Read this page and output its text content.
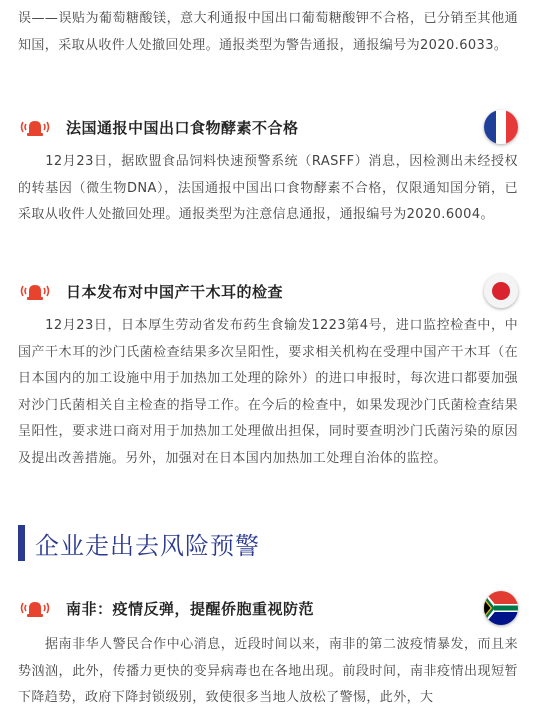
误——误贴为葡萄糖酸镁，意大利通报中国出口葡萄糖酸钾不合格，已分销至其他通知国，采取从收件人处撤回处理。通报类型为警告通报，通报编号为2020.6033。
法国通报中国出口食物酵素不合格
　　12月23日，据欧盟食品饲料快速预警系统（RASFF）消息，因检测出未经授权的转基因（微生物DNA），法国通报中国出口食物酵素不合格，仅限通知国分销，已采取从收件人处撤回处理。通报类型为注意信息通报，通报编号为2020.6004。
日本发布对中国产干木耳的检查
　　12月23日，日本厚生劳动省发布药生食输发1223第4号，进口监控检查中，中国产干木耳的沙门氏菌检查结果多次呈阳性，要求相关机构在受理中国产干木耳（在日本国内的加工设施中用于加热加工处理的除外）的进口申报时，每次进口都要加强对沙门氏菌相关自主检查的指导工作。在今后的检查中，如果发现沙门氏菌检查结果呈阳性，要求进口商对用于加热加工处理做出担保，同时要查明沙门氏菌污染的原因及提出改善措施。另外，加强对在日本国内加热加工处理自治体的监控。
企业走出去风险预警
南非：疫情反弹，提醒侨胞重视防范
　　据南非华人警民合作中心消息，近段时间以来，南非的第二波疫情暴发，而且来势汹汹，此外，传播力更快的变异病毒也在各地出现。前段时间，南非疫情出现短暂下降趋势，政府下降封锁级别，致使很多当地人放松了警惕，此外，大
